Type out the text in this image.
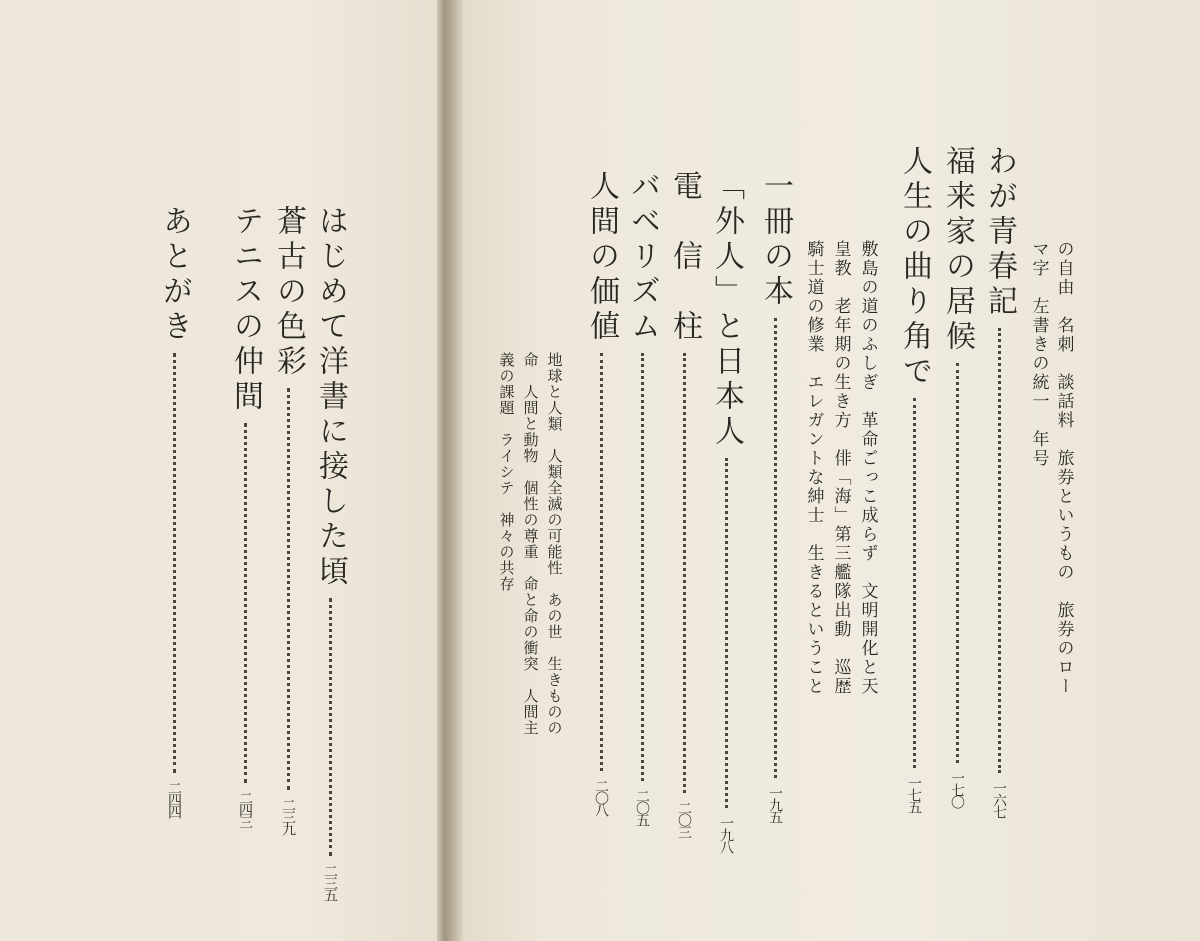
はじめて洋書に接した頃
二三五
蒼古の色彩
二三九
テニスの仲間
二四三
あとがき
二四四
の自由　名刺　談話料　旅券というもの　旅券のロー
マ字　左書きの統一　年号
わが青春記
一六七
福来家の居候
一七〇
人生の曲り角で
一七五
敷島の道のふしぎ　革命ごっこ成らず　文明開化と天
皇教　老年期の生き方　俳「海」第三艦隊出動　巡歴
騎士道の修業　エレガントな紳士　生きるということ
一冊の本
一九五
「外人」と日本人
一九八
電　信　柱
二〇三
バベリズム
二〇五
人間の価値
二〇八
地球と人類　人類全滅の可能性　あの世　生きものの
命　人間と動物　個性の尊重　命と命の衝突　人間主
義の課題　ライシテ　神々の共存
